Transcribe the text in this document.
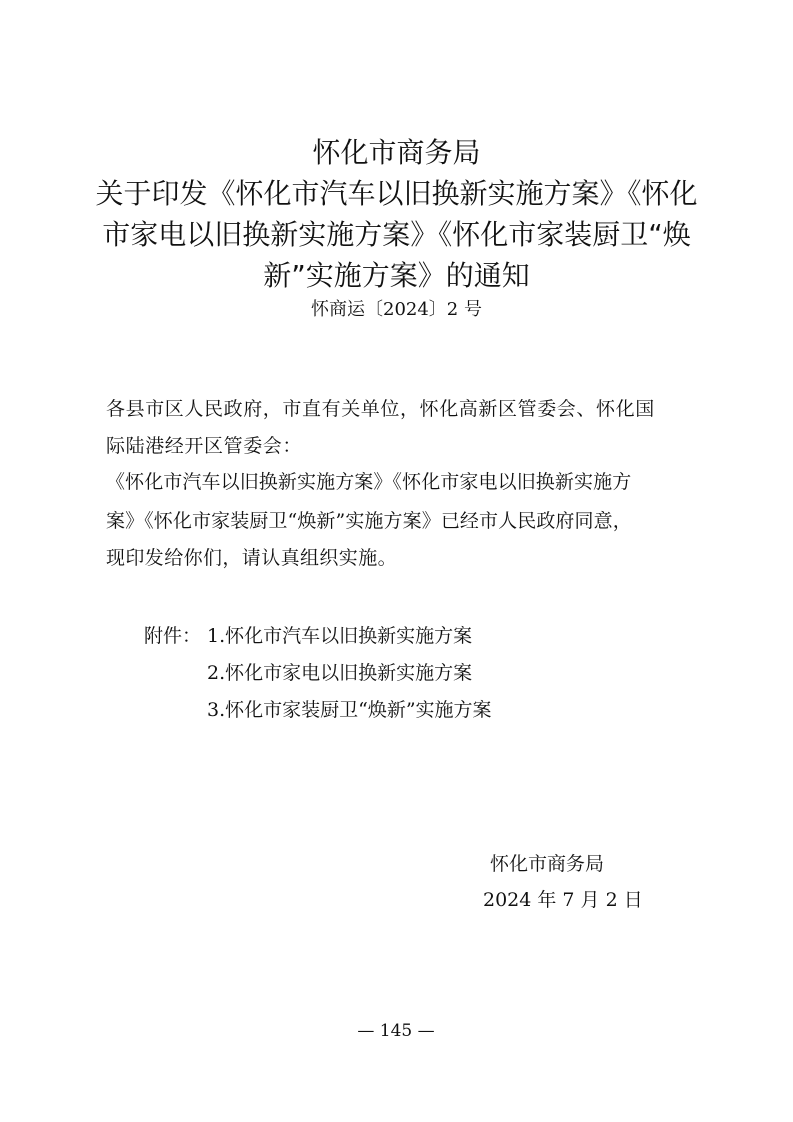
怀化市商务局
关于印发《怀化市汽车以旧换新实施方案》《怀化
市家电以旧换新实施方案》《怀化市家装厨卫“焕
新”实施方案》的通知
怀商运〔2024〕2 号
各县市区人民政府，市直有关单位，怀化高新区管委会、怀化国
际陆港经开区管委会：
《怀化市汽车以旧换新实施方案》《怀化市家电以旧换新实施方
案》《怀化市家装厨卫“焕新”实施方案》已经市人民政府同意，
现印发给你们，请认真组织实施。
附件： 1.怀化市汽车以旧换新实施方案
2.怀化市家电以旧换新实施方案
3.怀化市家装厨卫“焕新”实施方案
怀化市商务局
2024 年 7 月 2 日
— 145 —
